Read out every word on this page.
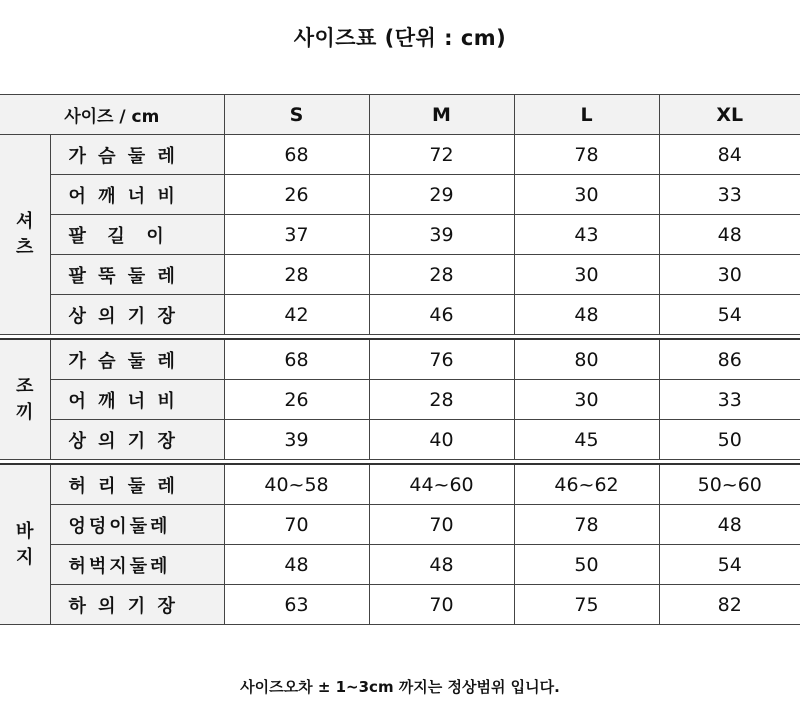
사이즈표 (단위 : cm)
사이즈 / cm		S	M	L	XL
셔
츠	가 슴 둘 레	68	72	78	84
	어 깨 너 비	26	29	30	33
	팔  길  이	37	39	43	48
	팔 뚝 둘 레	28	28	30	30
	상 의 기 장	42	46	48	54

조
끼	가 슴 둘 레	68	76	80	86
	어 깨 너 비	26	28	30	33
	상 의 기 장	39	40	45	50

바
지	허 리 둘 레	40~58	44~60	46~62	50~60
	엉덩이둘레	70	70	78	48
	허벅지둘레	48	48	50	54
	하 의 기 장	63	70	75	82
사이즈오차 ± 1~3cm 까지는 정상범위 입니다.
